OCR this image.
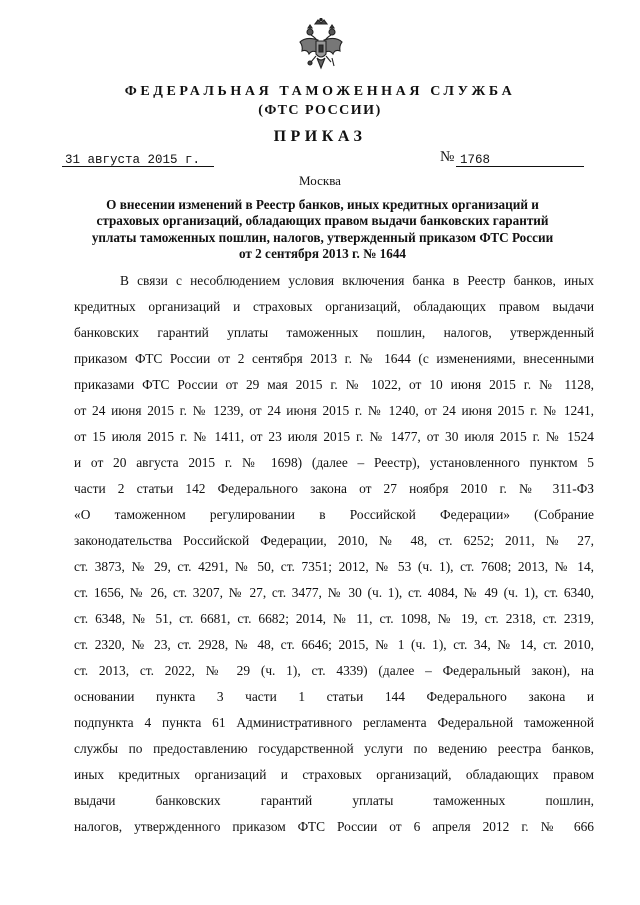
ФЕДЕРАЛЬНАЯ ТАМОЖЕННАЯ СЛУЖБА
(ФТС РОССИИ)
ПРИКАЗ
31 августа 2015 г.	№ 1768
Москва
О внесении изменений в Реестр банков, иных кредитных организаций и
страховых организаций, обладающих правом выдачи банковских гарантий
уплаты таможенных пошлин, налогов, утвержденный приказом ФТС России
от 2 сентября 2013 г. № 1644
В связи с несоблюдением условия включения банка в Реестр банков, иных
кредитных организаций и страховых организаций, обладающих правом выдачи
банковских гарантий уплаты таможенных пошлин, налогов, утвержденный
приказом ФТС России от 2 сентября 2013 г. № 1644 (с изменениями, внесенными
приказами ФТС России от 29 мая 2015 г. № 1022, от 10 июня 2015 г. № 1128,
от 24 июня 2015 г. № 1239, от 24 июня 2015 г. № 1240, от 24 июня 2015 г. № 1241,
от 15 июля 2015 г. № 1411, от 23 июля 2015 г. № 1477, от 30 июля 2015 г. № 1524
и от 20 августа 2015 г. № 1698) (далее – Реестр), установленного пунктом 5
части 2 статьи 142 Федерального закона от 27 ноября 2010 г. № 311-ФЗ
«О таможенном регулировании в Российской Федерации» (Собрание
законодательства Российской Федерации, 2010, № 48, ст. 6252; 2011, № 27,
ст. 3873, № 29, ст. 4291, № 50, ст. 7351; 2012, № 53 (ч. 1), ст. 7608; 2013, № 14,
ст. 1656, № 26, ст. 3207, № 27, ст. 3477, № 30 (ч. 1), ст. 4084, № 49 (ч. 1), ст. 6340,
ст. 6348, № 51, ст. 6681, ст. 6682; 2014, № 11, ст. 1098, № 19, ст. 2318, ст. 2319,
ст. 2320, № 23, ст. 2928, № 48, ст. 6646; 2015, № 1 (ч. 1), ст. 34, № 14, ст. 2010,
ст. 2013, ст. 2022, № 29 (ч. 1), ст. 4339) (далее – Федеральный закон), на
основании пункта 3 части 1 статьи 144 Федерального закона и
подпункта 4 пункта 61 Административного регламента Федеральной таможенной
службы по предоставлению государственной услуги по ведению реестра банков,
иных кредитных организаций и страховых организаций, обладающих правом
выдачи банковских гарантий уплаты таможенных пошлин,
налогов, утвержденного приказом ФТС России от 6 апреля 2012 г. № 666
